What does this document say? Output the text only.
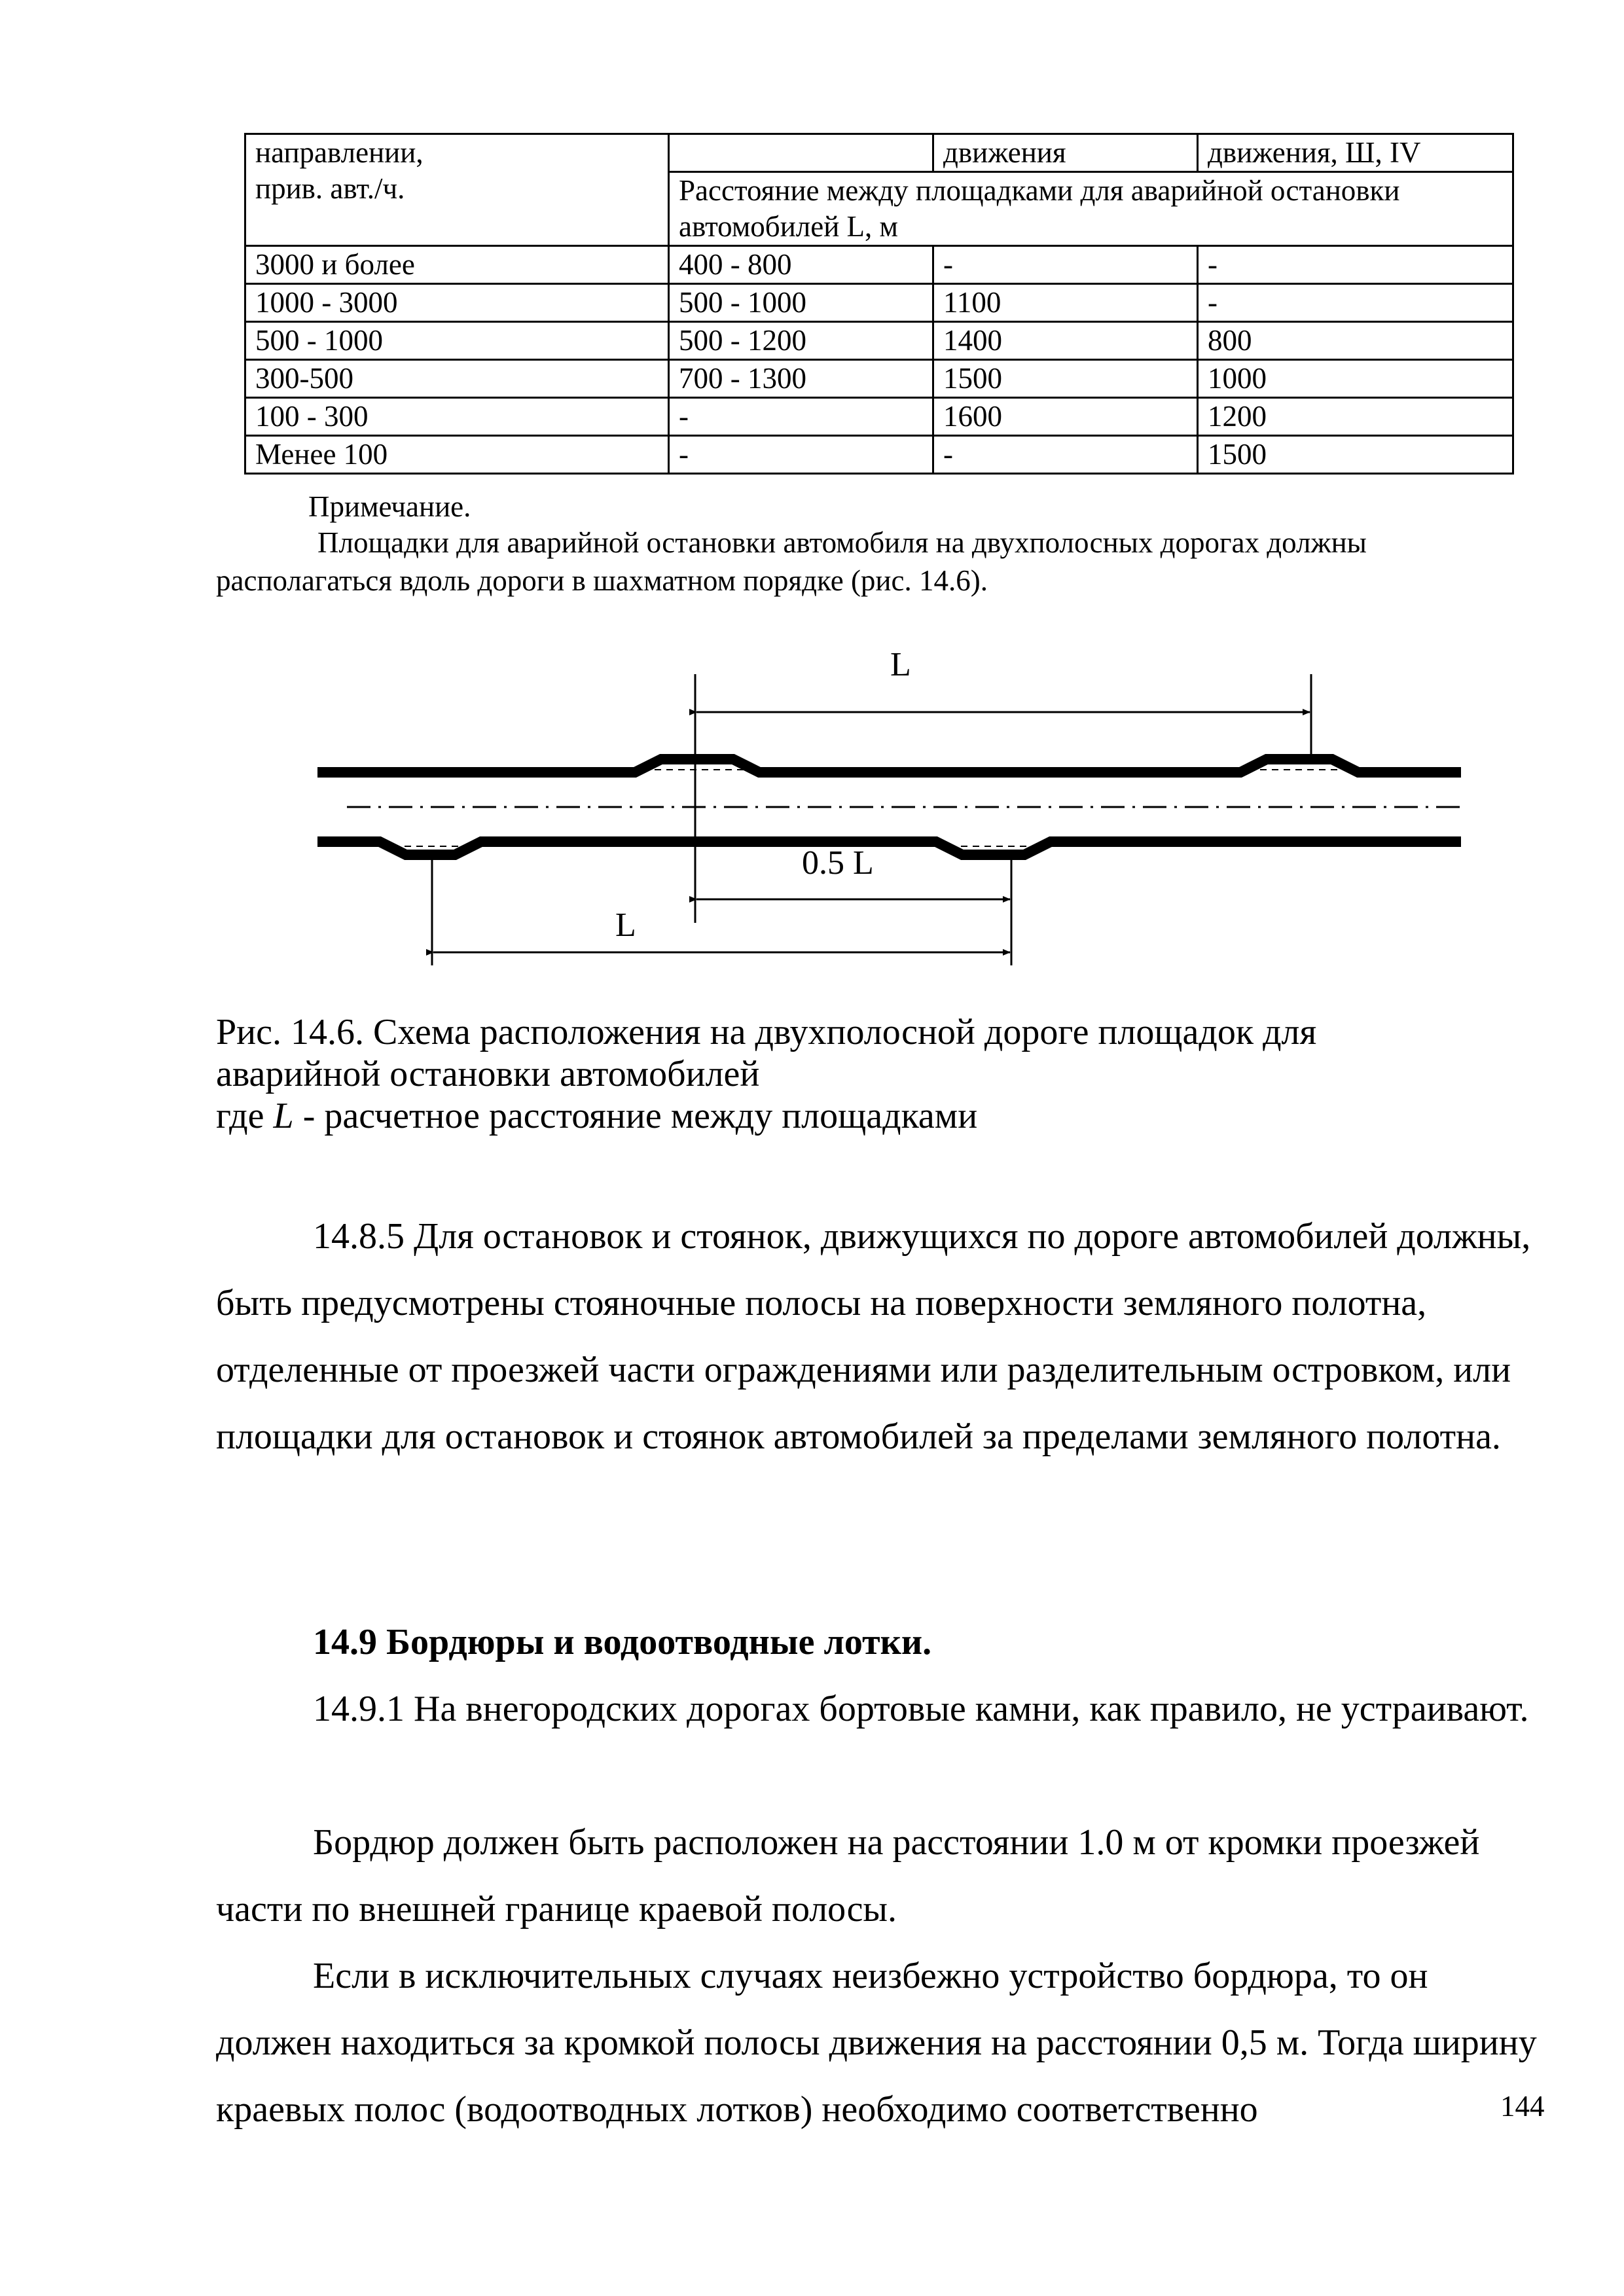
направлении,
прив. авт./ч.		движения	движения, Ш, IV
	Расстояние между площадками для аварийной остановки автомобилей L, м		
3000 и более	400 - 800	-	-
1000 - 3000	500 - 1000	1100	-
500 - 1000	500 - 1200	1400	800
300-500	700 - 1300	1500	1000
100 - 300	-	1600	1200
Менее 100	-	-	1500
Примечание.
Площадки для аварийной остановки автомобиля на двухполосных дорогах должны располагаться вдоль дороги в шахматном порядке (рис. 14.6).
L
0.5 L
L
Рис. 14.6. Схема расположения на двухполосной дороге площадок для
аварийной остановки автомобилей
где L - расчетное расстояние между площадками
14.8.5 Для остановок и стоянок, движущихся по дороге автомобилей должны, быть предусмотрены стояночные полосы на поверхности земляного полотна, отделенные от проезжей части ограждениями или разделительным островком, или площадки для остановок и стоянок автомобилей за пределами земляного полотна.
14.9 Бордюры и водоотводные лотки.
14.9.1 На внегородских дорогах бортовые камни, как правило, не устраивают.
Бордюр должен быть расположен на расстоянии 1.0 м от кромки проезжей части по внешней границе краевой полосы.
Если в исключительных случаях неизбежно устройство бордюра, то он должен находиться за кромкой полосы движения на расстоянии 0,5 м. Тогда ширину краевых полос (водоотводных лотков) необходимо соответственно	144
